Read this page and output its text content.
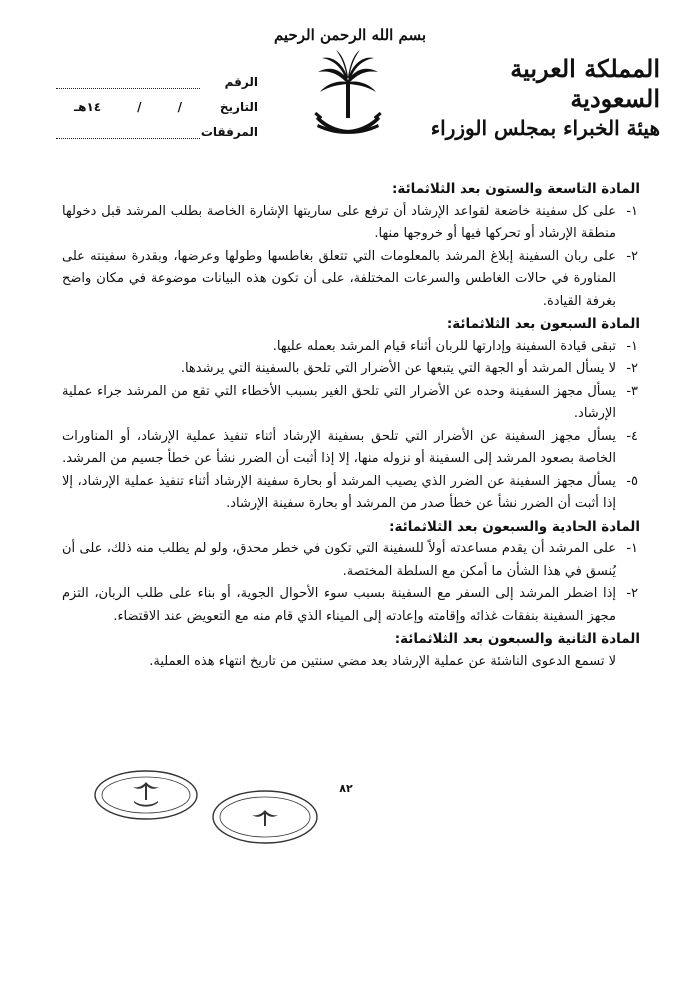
بسم الله الرحمن الرحيم
المملكة العربية السعودية
هيئة الخبراء بمجلس الوزراء
الرقم
التاريخ
/
/
١٤هـ
المرفقات
المادة التاسعة والستون بعد الثلاثمائة:
١-
على كل سفينة خاضعة لقواعد الإرشاد أن ترفع على ساريتها الإشارة الخاصة بطلب المرشد قبل دخولها منطقة الإرشاد أو تحركها فيها أو خروجها منها.
٢-
على ربان السفينة إبلاغ المرشد بالمعلومات التي تتعلق بغاطسها وطولها وعرضها، وبقدرة سفينته على المناورة في حالات الغاطس والسرعات المختلفة، على أن تكون هذه البيانات موضوعة في مكان واضح بغرفة القيادة.
المادة السبعون بعد الثلاثمائة:
١-
تبقى قيادة السفينة وإدارتها للربان أثناء قيام المرشد بعمله عليها.
٢-
لا يسأل المرشد أو الجهة التي يتبعها عن الأضرار التي تلحق بالسفينة التي يرشدها.
٣-
يسأل مجهز السفينة وحده عن الأضرار التي تلحق الغير بسبب الأخطاء التي تقع من المرشد جراء عملية الإرشاد.
٤-
يسأل مجهز السفينة عن الأضرار التي تلحق بسفينة الإرشاد أثناء تنفيذ عملية الإرشاد، أو المناورات الخاصة بصعود المرشد إلى السفينة أو نزوله منها، إلا إذا أثبت أن الضرر نشأ عن خطأ جسيم من المرشد.
٥-
يسأل مجهز السفينة عن الضرر الذي يصيب المرشد أو بحارة سفينة الإرشاد أثناء تنفيذ عملية الإرشاد، إلا إذا أثبت أن الضرر نشأ عن خطأ صدر من المرشد أو بحارة سفينة الإرشاد.
المادة الحادية والسبعون بعد الثلاثمائة:
١-
على المرشد أن يقدم مساعدته أولاً للسفينة التي تكون في خطر محدق، ولو لم يطلب منه ذلك، على أن يُنسق في هذا الشأن ما أمكن مع السلطة المختصة.
٢-
إذا اضطر المرشد إلى السفر مع السفينة بسبب سوء الأحوال الجوية، أو بناء على طلب الربان، التزم مجهز السفينة بنفقات غذائه وإقامته وإعادته إلى الميناء الذي قام منه مع التعويض عند الاقتضاء.
المادة الثانية والسبعون بعد الثلاثمائة:
لا تسمع الدعوى الناشئة عن عملية الإرشاد بعد مضي سنتين من تاريخ انتهاء هذه العملية.
٨٢
